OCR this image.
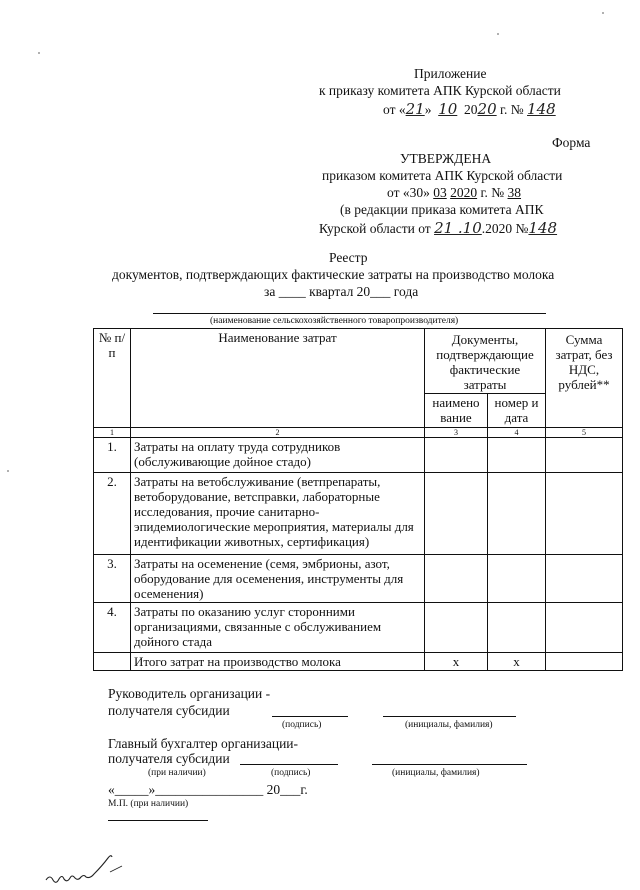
Приложение
к приказу комитета АПК Курской области
от «21» 10 2020 г. № 148
Форма
УТВЕРЖДЕНА
приказом комитета АПК Курской области
от «30» 03 2020 г. № 38
(в редакции приказа комитета АПК
Курской области от 21 .10.2020 №148
Реестр
документов, подтверждающих фактические затраты на производство молока
за ____ квартал 20___ года
(наименование сельскохозяйственного товаропроизводителя)
№ п/п	Наименование затрат	Документы, подтверждающие фактические затраты		Сумма затрат, без НДС, рублей**
		наимено вание	номер и дата	
1	2	3	4	5
1.	Затраты на оплату труда сотрудников (обслуживающие дойное стадо)			
2.	Затраты на ветобслуживание (ветпрепараты, ветоборудование, ветсправки, лабораторные исследования, прочие санитарно-эпидемиологические мероприятия, материалы для идентификации животных, сертификация)			
3.	Затраты на осеменение (семя, эмбрионы, азот, оборудование для осеменения, инструменты для осеменения)			
4.	Затраты по оказанию услуг сторонними организациями, связанные с обслуживанием дойного стада			
	Итого затрат на производство молока	х	х	
Руководитель организации -
получателя субсидии
(подпись)	(инициалы, фамилия)
Главный бухгалтер организации-
получателя субсидии
(при наличии)	(подпись)	(инициалы, фамилия)
«_____»________________ 20___г.
М.П. (при наличии)
